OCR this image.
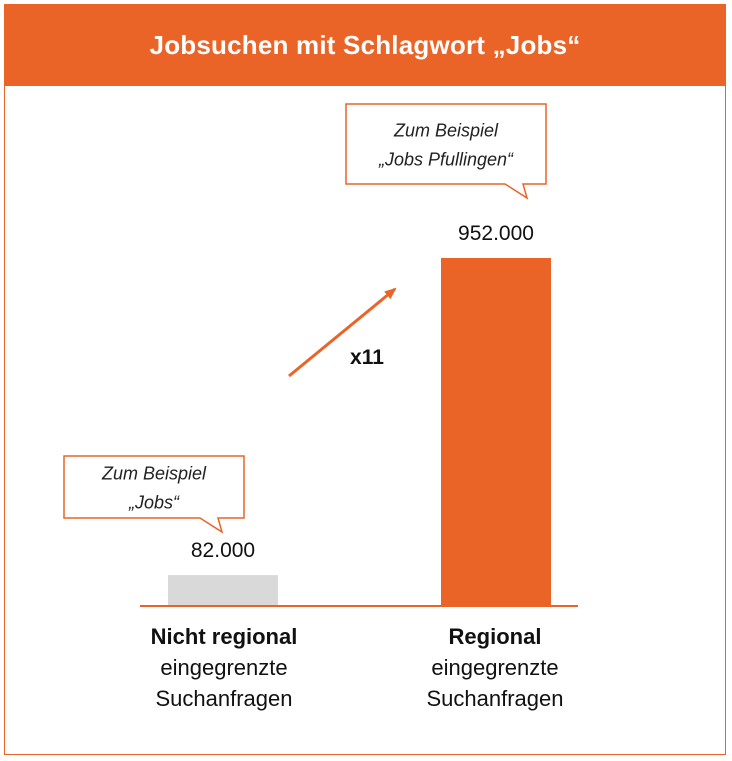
Jobsuchen mit Schlagwort „Jobs“
Zum Beispiel
„Jobs“
Zum Beispiel
„Jobs Pfullingen“
82.000
952.000
x11
Nicht regional
eingegrenzte
Suchanfragen
Regional
eingegrenzte
Suchanfragen
